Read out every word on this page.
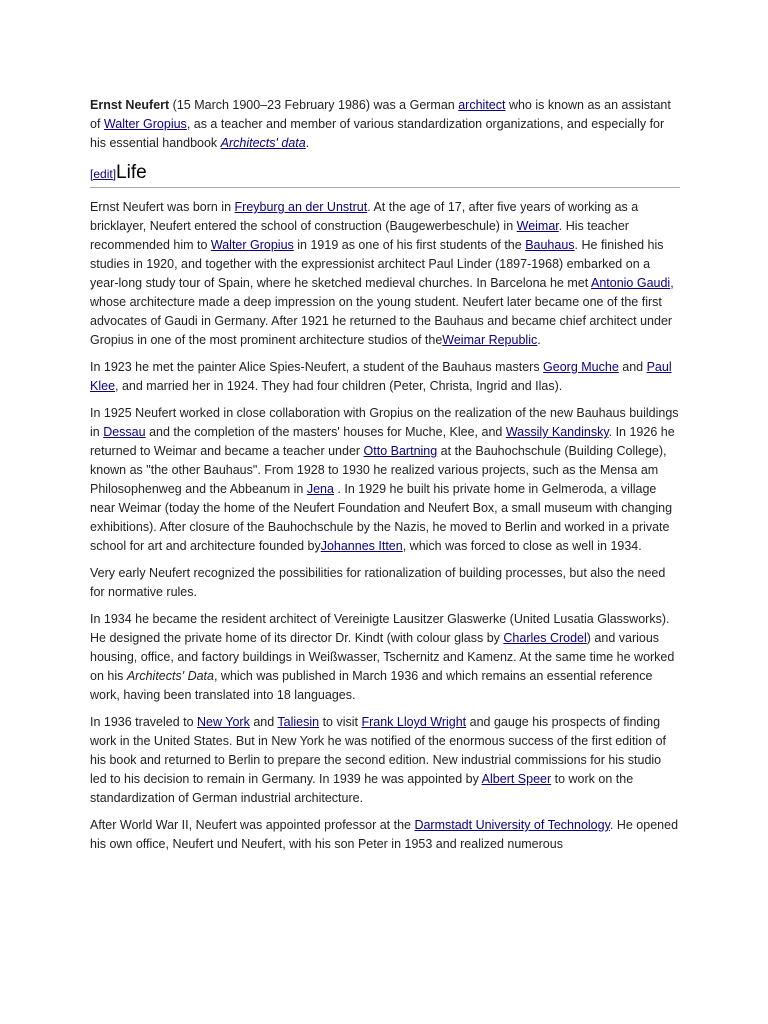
Ernst Neufert (15 March 1900–23 February 1986) was a German architect who is known as an assistant of Walter Gropius, as a teacher and member of various standardization organizations, and especially for his essential handbook Architects' data.

[edit]Life

Ernst Neufert was born in Freyburg an der Unstrut. At the age of 17, after five years of working as a bricklayer, Neufert entered the school of construction (Baugewerbeschule) in Weimar. His teacher recommended him to Walter Gropius in 1919 as one of his first students of the Bauhaus. He finished his studies in 1920, and together with the expressionist architect Paul Linder (1897-1968) embarked on a year-long study tour of Spain, where he sketched medieval churches. In Barcelona he met Antonio Gaudi, whose architecture made a deep impression on the young student. Neufert later became one of the first advocates of Gaudi in Germany. After 1921 he returned to the Bauhaus and became chief architect under Gropius in one of the most prominent architecture studios of theWeimar Republic.

In 1923 he met the painter Alice Spies-Neufert, a student of the Bauhaus masters Georg Muche and Paul Klee, and married her in 1924. They had four children (Peter, Christa, Ingrid and Ilas).

In 1925 Neufert worked in close collaboration with Gropius on the realization of the new Bauhaus buildings in Dessau and the completion of the masters' houses for Muche, Klee, and Wassily Kandinsky. In 1926 he returned to Weimar and became a teacher under Otto Bartning at the Bauhochschule (Building College), known as "the other Bauhaus". From 1928 to 1930 he realized various projects, such as the Mensa am Philosophenweg and the Abbeanum in Jena . In 1929 he built his private home in Gelmeroda, a village near Weimar (today the home of the Neufert Foundation and Neufert Box, a small museum with changing exhibitions). After closure of the Bauhochschule by the Nazis, he moved to Berlin and worked in a private school for art and architecture founded byJohannes Itten, which was forced to close as well in 1934.

Very early Neufert recognized the possibilities for rationalization of building processes, but also the need for normative rules.

In 1934 he became the resident architect of Vereinigte Lausitzer Glaswerke (United Lusatia Glassworks). He designed the private home of its director Dr. Kindt (with colour glass by Charles Crodel) and various housing, office, and factory buildings in Weißwasser, Tschernitz and Kamenz. At the same time he worked on his Architects' Data, which was published in March 1936 and which remains an essential reference work, having been translated into 18 languages.

In 1936 traveled to New York and Taliesin to visit Frank Lloyd Wright and gauge his prospects of finding work in the United States. But in New York he was notified of the enormous success of the first edition of his book and returned to Berlin to prepare the second edition. New industrial commissions for his studio led to his decision to remain in Germany. In 1939 he was appointed by Albert Speer to work on the standardization of German industrial architecture.

After World War II, Neufert was appointed professor at the Darmstadt University of Technology. He opened his own office, Neufert und Neufert, with his son Peter in 1953 and realized numerous
